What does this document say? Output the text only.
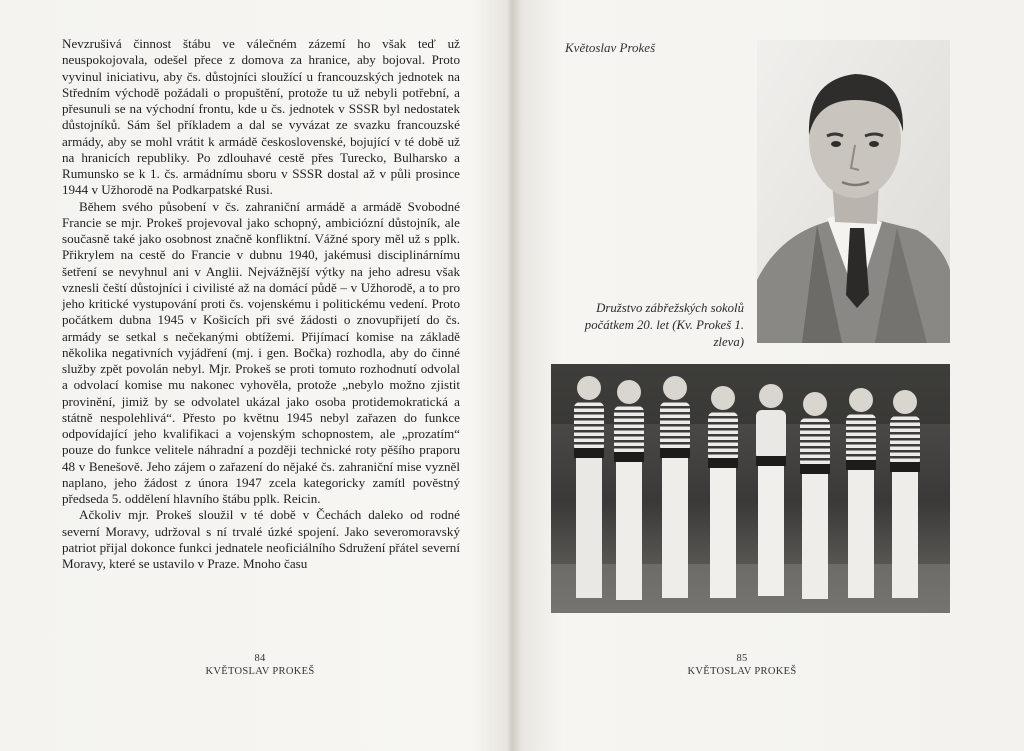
Nevzrušivá činnost štábu ve válečném zázemí ho však teď už neuspokojovala, odešel přece z domova za hranice, aby bojoval. Proto vyvinul iniciativu, aby čs. důstojníci sloužící u francouzských jednotek na Středním východě požádali o propuštění, protože tu už nebyli potřební, a přesunuli se na východní frontu, kde u čs. jednotek v SSSR byl nedostatek důstojníků. Sám šel příkladem a dal se vyvázat ze svazku francouzské armády, aby se mohl vrátit k armádě československé, bojující v té době už na hranicích republiky. Po zdlouhavé cestě přes Turecko, Bulharsko a Rumunsko se k 1. čs. armádnímu sboru v SSSR dostal až v půli prosince 1944 v Užhorodě na Podkarpatské Rusi.

Během svého působení v čs. zahraniční armádě a armádě Svobodné Francie se mjr. Prokeš projevoval jako schopný, ambiciózní důstojník, ale současně také jako osobnost značně konfliktní. Vážné spory měl už s pplk. Přikrylem na cestě do Francie v dubnu 1940, jakémusi disciplinárnímu šetření se nevyhnul ani v Anglii. Nejvážnější výtky na jeho adresu však vznesli čeští důstojníci i civilisté až na domácí půdě – v Užhorodě, a to pro jeho kritické vystupování proti čs. vojenskému i politickému vedení. Proto počátkem dubna 1945 v Košicích při své žádosti o znovupřijetí do čs. armády se setkal s nečekanými obtížemi. Přijímací komise na základě několika negativních vyjádření (mj. i gen. Bočka) rozhodla, aby do činné služby zpět povolán nebyl. Mjr. Prokeš se proti tomuto rozhodnutí odvolal a odvolací komise mu nakonec vyhověla, protože „nebylo možno zjistit provinění, jimiž by se odvolatel ukázal jako osoba protidemokratická a státně nespolehlivá“. Přesto po květnu 1945 nebyl zařazen do funkce odpovídající jeho kvalifikaci a vojenským schopnostem, ale „prozatím“ pouze do funkce velitele náhradní a později technické roty pěšího praporu 48 v Benešově. Jeho zájem o zařazení do nějaké čs. zahraniční mise vyzněl naplano, jeho žádost z února 1947 zcela kategoricky zamítl pověstný předseda 5. oddělení hlavního štábu pplk. Reicin.

Ačkoliv mjr. Prokeš sloužil v té době v Čechách daleko od rodné severní Moravy, udržoval s ní trvalé úzké spojení. Jako severomoravský patriot přijal dokonce funkci jednatele neoficiálního Sdružení přátel severní Moravy, které se ustavilo v Praze. Mnoho času

84
KVĚTOSLAV PROKEŠ
Květoslav Prokeš
Družstvo zábřežských sokolů počátkem 20. let (Kv. Prokeš 1. zleva)
85
KVĚTOSLAV PROKEŠ
